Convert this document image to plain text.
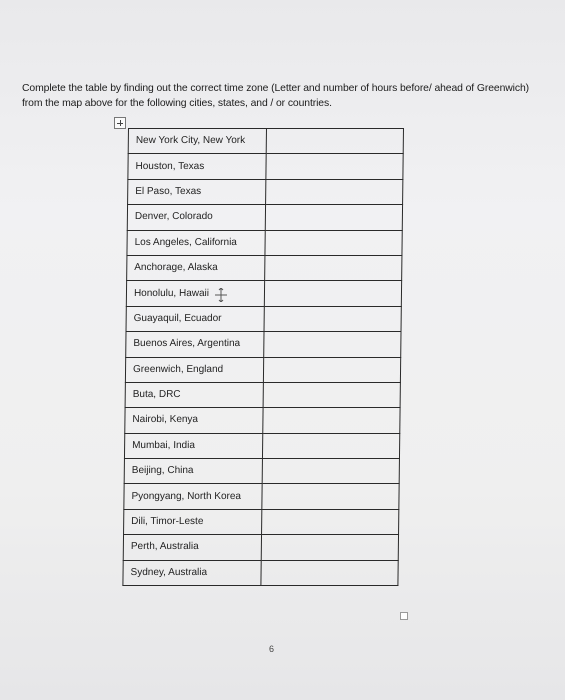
Complete the table by finding out the correct time zone (Letter and number of hours before/ ahead of Greenwich) from the map above for the following cities, states, and / or countries.

New York City, New York	
Houston, Texas	
El Paso, Texas	
Denver, Colorado	
Los Angeles, California	
Anchorage, Alaska	
Honolulu, Hawaii	
Guayaquil, Ecuador	
Buenos Aires, Argentina	
Greenwich, England	
Buta, DRC	
Nairobi, Kenya	
Mumbai, India	
Beijing, China	
Pyongyang, North Korea	
Dili, Timor-Leste	
Perth, Australia	
Sydney, Australia	
6
